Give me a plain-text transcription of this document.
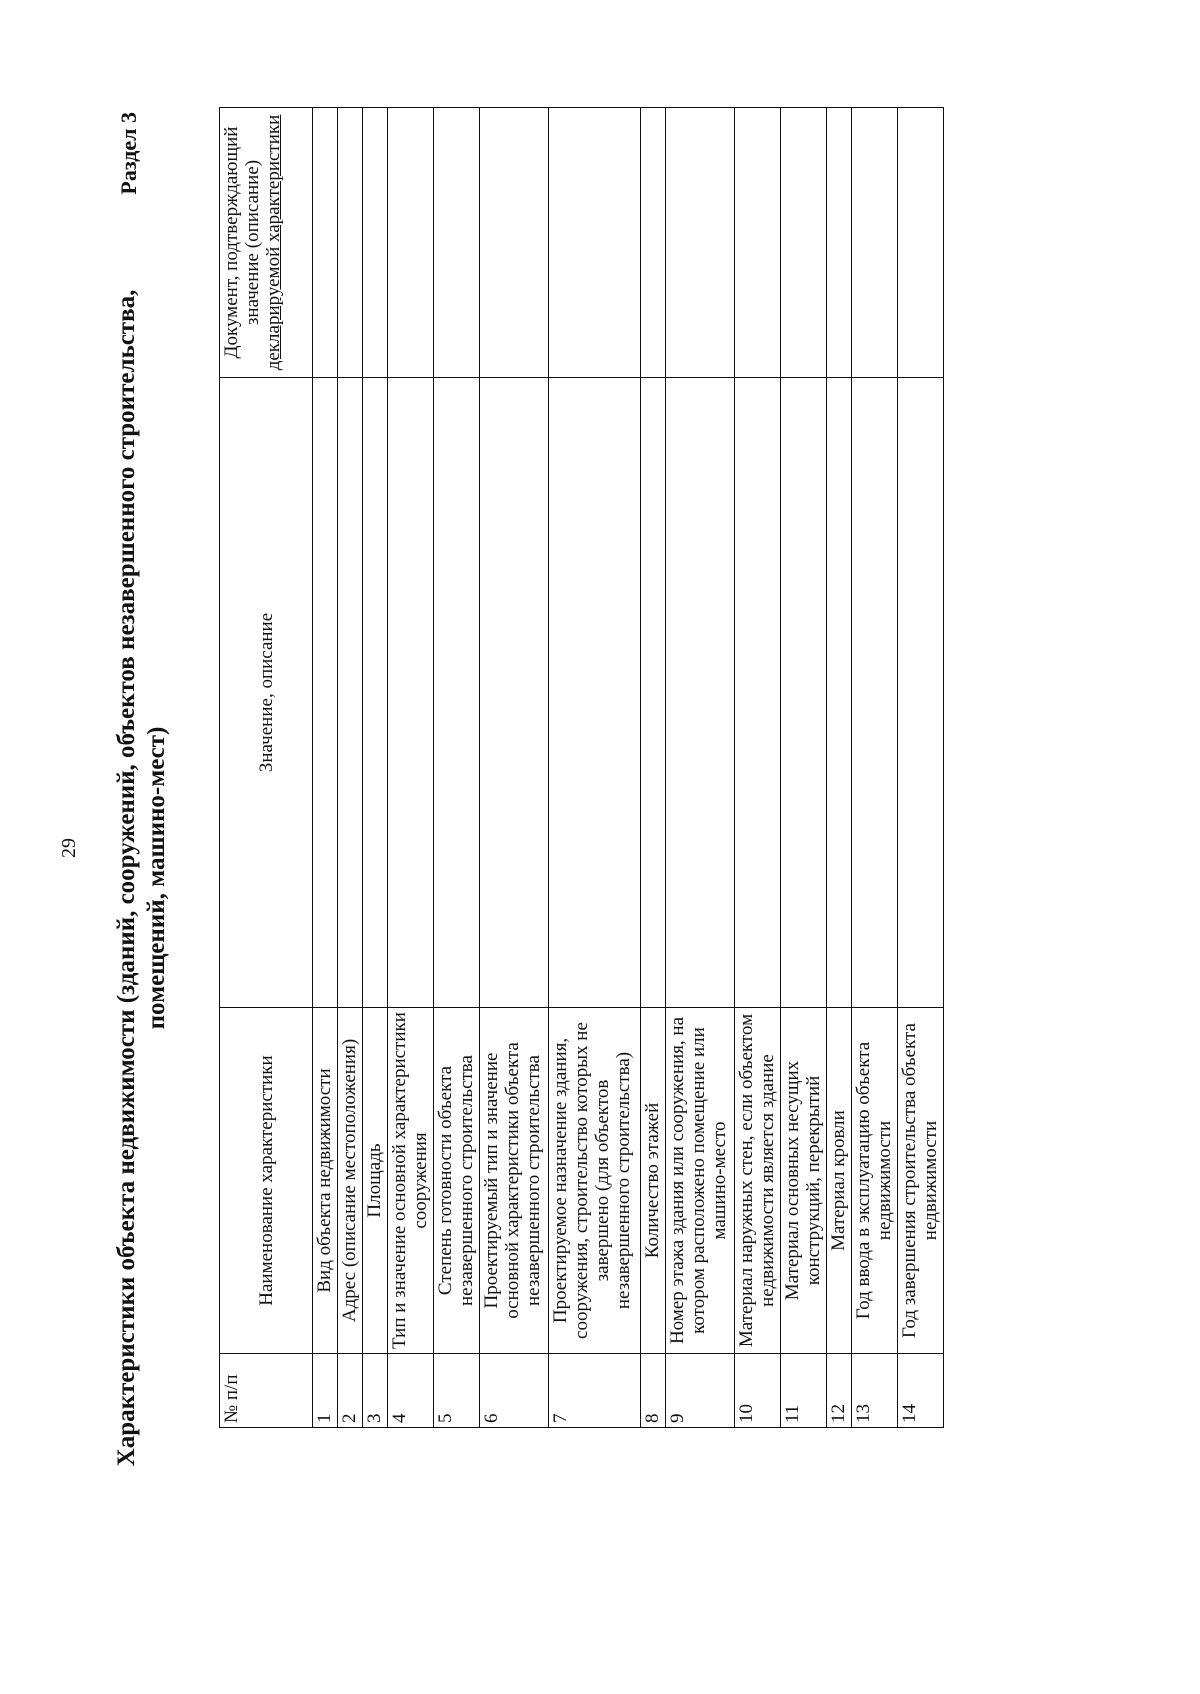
29
Раздел 3
Характеристики объекта недвижимости (зданий, сооружений, объектов незавершенного строительства, помещений, машино-мест)
№ п/п	Наименование характеристики	Значение, описание	Документ, подтверждающий значение (описание) декларируемой характеристики

1	Вид объекта недвижимости		
2	Адрес (описание местоположения)		
3	Площадь		
4	Тип и значение основной характеристики сооружения		
5	Степень готовности объекта незавершенного строительства		
6	Проектируемый тип и значение основной характеристики объекта незавершенного строительства		
7	Проектируемое назначение здания, сооружения, строительство которых не завершено (для объектов незавершенного строительства)		
8	Количество этажей		
9	Номер этажа здания или сооружения, на котором расположено помещение или машино-место		
10	Материал наружных стен, если объектом недвижимости является здание		
11	Материал основных несущих конструкций, перекрытий		
12	Материал кровли		
13	Год ввода в эксплуатацию объекта недвижимости		
14	Год завершения строительства объекта недвижимости		
